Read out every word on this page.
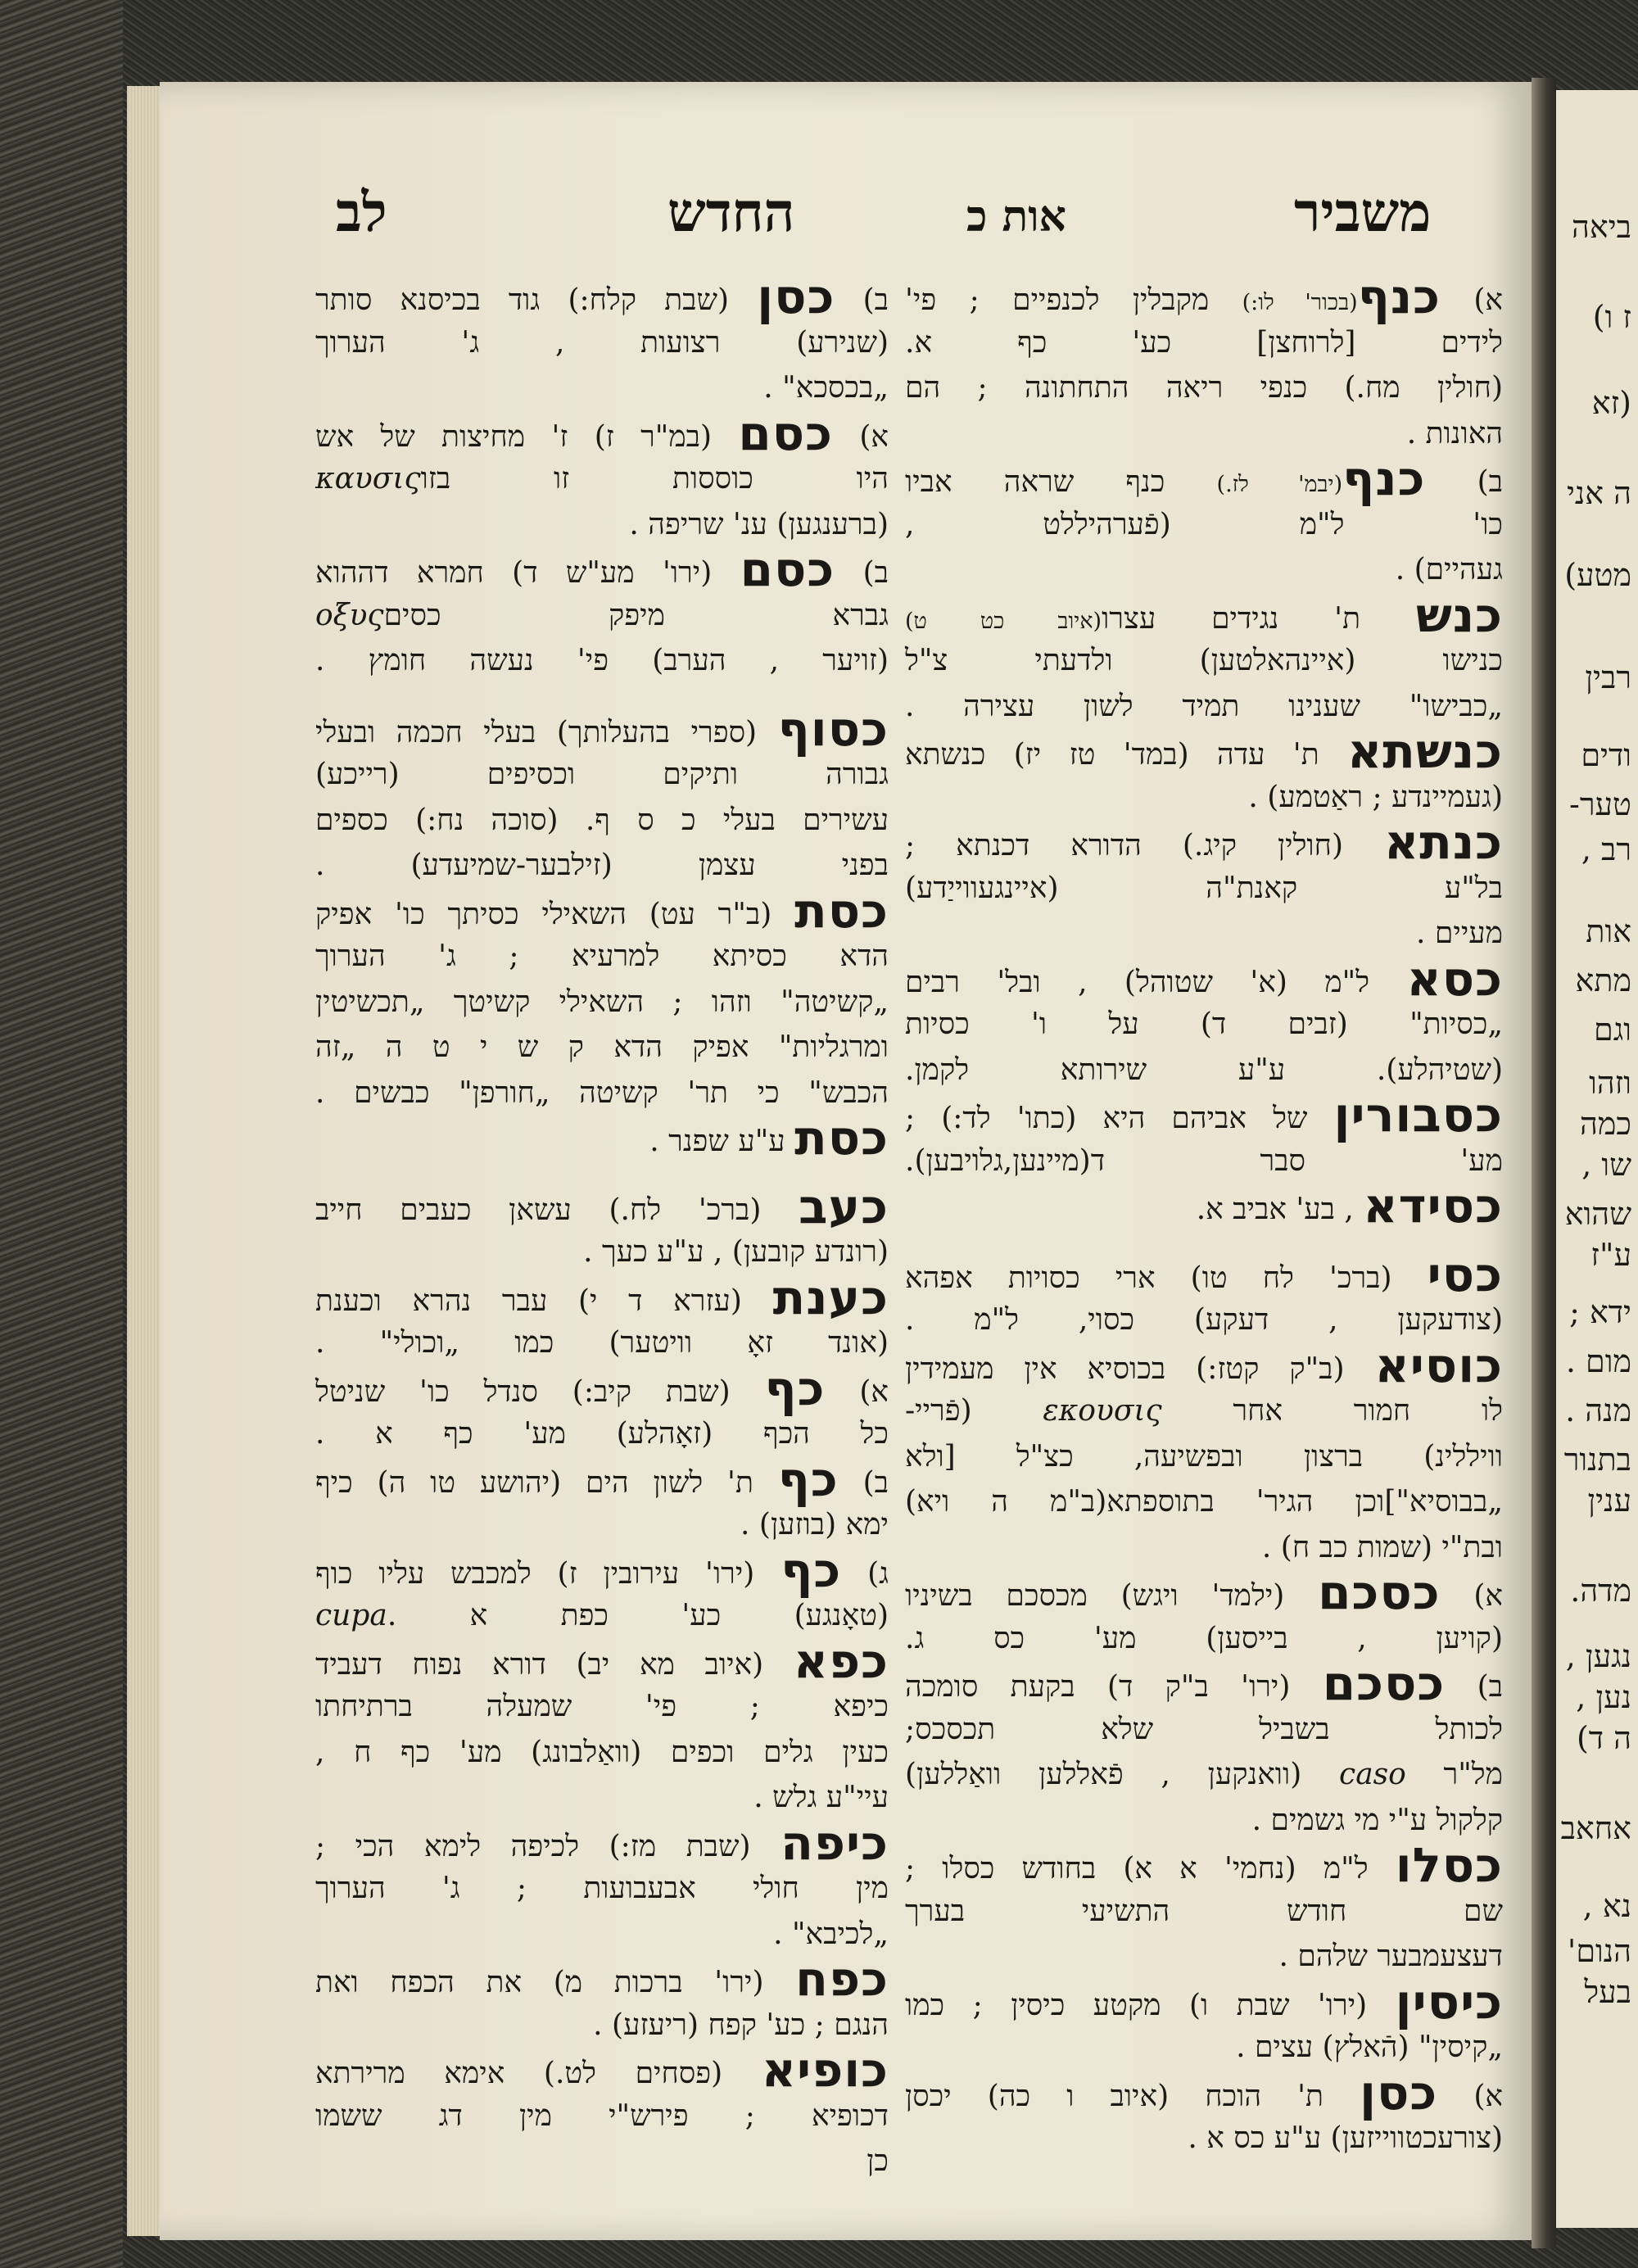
ביאה
ז ו)
(זא
ה אני
מטע)
רבין
ודים
טער-
רב ,
אות
מתא
וגם
וזהו
כמה
שו ,
שהוא
ע"ז
ידא ;
מום .
מנה .
בתנור
ענין
מדה.
נגען ,
נען ,
ה ד)
אחאב
נא ,
הנום'
בעל
לב	החדש	אות כ	משביר
א) כנף(בכור' לו:) מקבלין לכנפיים ; פי'
לידים [לרוחצן] כע' כף א.
(חולין מח.) כנפי ריאה התחתונה ; הם
האונות .
ב) כנף(יבמ' לז.) כנף שראה אביו
כו' ל"מ (פֿערהיללט ,
געהיים) .
כנש ת' נגידים עצרו(איוב כט ט)
כנישו (איינהאלטען) ולדעתי צ"ל
„כבישו" שענינו תמיד לשון עצירה .
כנשתא ת' עדה (במד' טז יז) כנשתא
(געמיינדע ; ראַטמע) .
כנתא (חולין קיג.) הדורא דכנתא ;
בל"ע קאנת"ה (איינגעווייַדע)
מעיים .
כסא ל"מ (א' שטוהל) , ובל' רבים
„כסיות" (זבים ד) על ו' כסיות
(שטיהלע). ע"ע שירותא לקמן.
כסבורין של אביהם היא (כתו' לד:) ;
מע' סבר ד(מיינען,גלויבען).
כסידא , בע' אביב א.
כסי (ברכ' לח טו) ארי כסויות אפהא
(צודעקען , דעקע) כסוי, ל"מ .
כוסיא (ב"ק קטז:) בכוסיא אין מעמידין
לו חמור אחר εκουσις (פֿריי-
וויללינ) ברצון ובפשיעה, כצ"ל [ולא
„בבוסיא"]וכן הגיר' בתוספתא(ב"מ ה ויא)
ובת"י (שמות כב ח) .
א) כסכם (ילמד' ויגש) מכסכם בשיניו
(קויען , בייסען) מע' כס ג.
ב) כסכם (ירו' ב"ק ד) בקעת סומכה
לכותל בשביל שלא תכסכס;
מל"ר caso (וואנקען , פֿאללען וואַללען)
קלקול ע"י מי גשמים .
כסלו ל"מ (נחמי' א א) בחודש כסלו ;
שם חודש התשיעי בערך
דעצעמבער שלהם .
כיסין (ירו' שבת ו) מקטע כיסין ; כמו
„קיסין" (הֿאלץ) עצים .
א) כסן ת' הוכח (איוב ו כה) יכסן
(צורעכטווייזען) ע"ע כס א .
ב) כסן (שבת קלח:) גוד בכיסנא סותר
(שנירע) רצועות , ג' הערוך
„בכסכא" .
א) כסם (במ"ר ז) ז' מחיצות של אש
היו כוססות זו בזוκαυσις
(ברענגען) ענ' שריפה .
ב) כסם (ירו' מע"ש ד) חמרא דההוא
גברא מיפק כסיםοξυς
(זויער , הערב) פי' נעשה חומץ .
כסוף (ספרי בהעלותך) בעלי חכמה ובעלי
גבורה ותיקים וכסיפים (רייכע)
עשירים בעלי כ ס ף. (סוכה נח:) כספים
בפני עצמן (זילבער-שמיעדע) .
כסת (ב"ר עט) השאילי כסיתך כו' אפיק
הדא כסיתא למרעיא ; ג' הערוך
„קשיטה" וזהו ; השאילי קשיטך „תכשיטין
ומרגליות" אפיק הדא ק ש י ט ה „זה
הכבש" כי תר' קשיטה „חורפן" כבשים .
כסת ע"ע שפנר .
כעב (ברכ' לח.) עשאן כעבים חייב
(רונדע קובען) , ע"ע כעך .
כענת (עזרא ד י) עבר נהרא וכענת
(אונד זאָ וויטער) כמו „וכולי" .
א) כף (שבת קיב:) סנדל כו' שניטל
כל הכף (זאָהלע) מע' כף א .
ב) כף ת' לשון הים (יהושע טו ה) כיף
ימא (בוזען) .
ג) כף (ירו' עירובין ז) למכבש עליו כוף
(טאָנגע) כע' כפת א .cupa
כפא (איוב מא יב) דורא נפוח דעביד
כיפא ; פי' שמעלה ברתיחתו
כעין גלים וכפים (וואַלבונג) מע' כף ח ,
עיי"ע גלש .
כיפה (שבת מז:) לכיפה לימא הכי ;
מין חולי אבעבועות ; ג' הערוך
„לכיבא" .
כפח (ירו' ברכות מ) את הכפח ואת
הנגם ; כע' קפח (ריעזע) .
כופיא (פסחים לט.) אימא מרירתא
דכופיא ; פירש"י מין דג ששמו
כן
